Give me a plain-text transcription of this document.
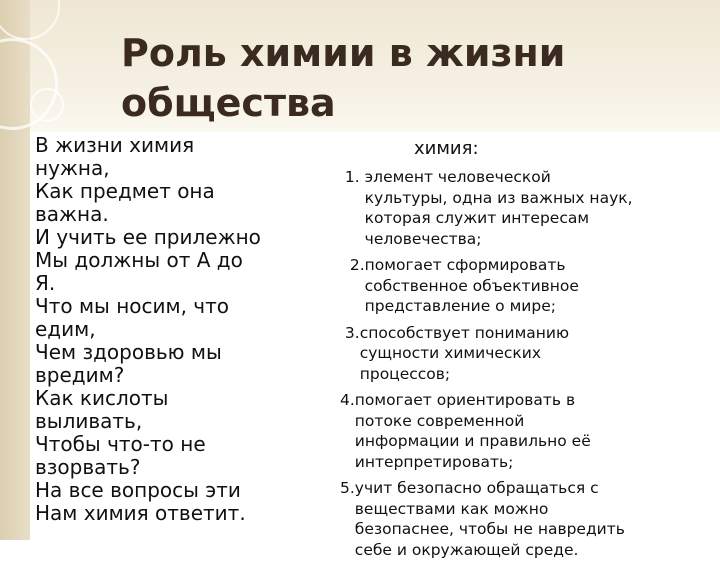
Роль химии в жизни
общества
В жизни химия
нужна,
Как предмет она
важна.
И учить ее прилежно
Мы должны от А до
Я.
Что мы носим, что
едим,
Чем здоровью мы
вредим?
Как кислоты
выливать,
Чтобы что-то не
взорвать?
На все вопросы эти
Нам химия ответит.
химия:
1. элемент человеческой
культуры, одна из важных наук,
которая служит интересам
человечества;
2. помогает сформировать
собственное объективное
представление о мире;
3. способствует пониманию
сущности химических
процессов;
4. помогает ориентировать в
потоке современной
информации и правильно её
интерпретировать;
5. учит безопасно обращаться с
веществами как можно
безопаснее, чтобы не навредить
себе и окружающей среде.
